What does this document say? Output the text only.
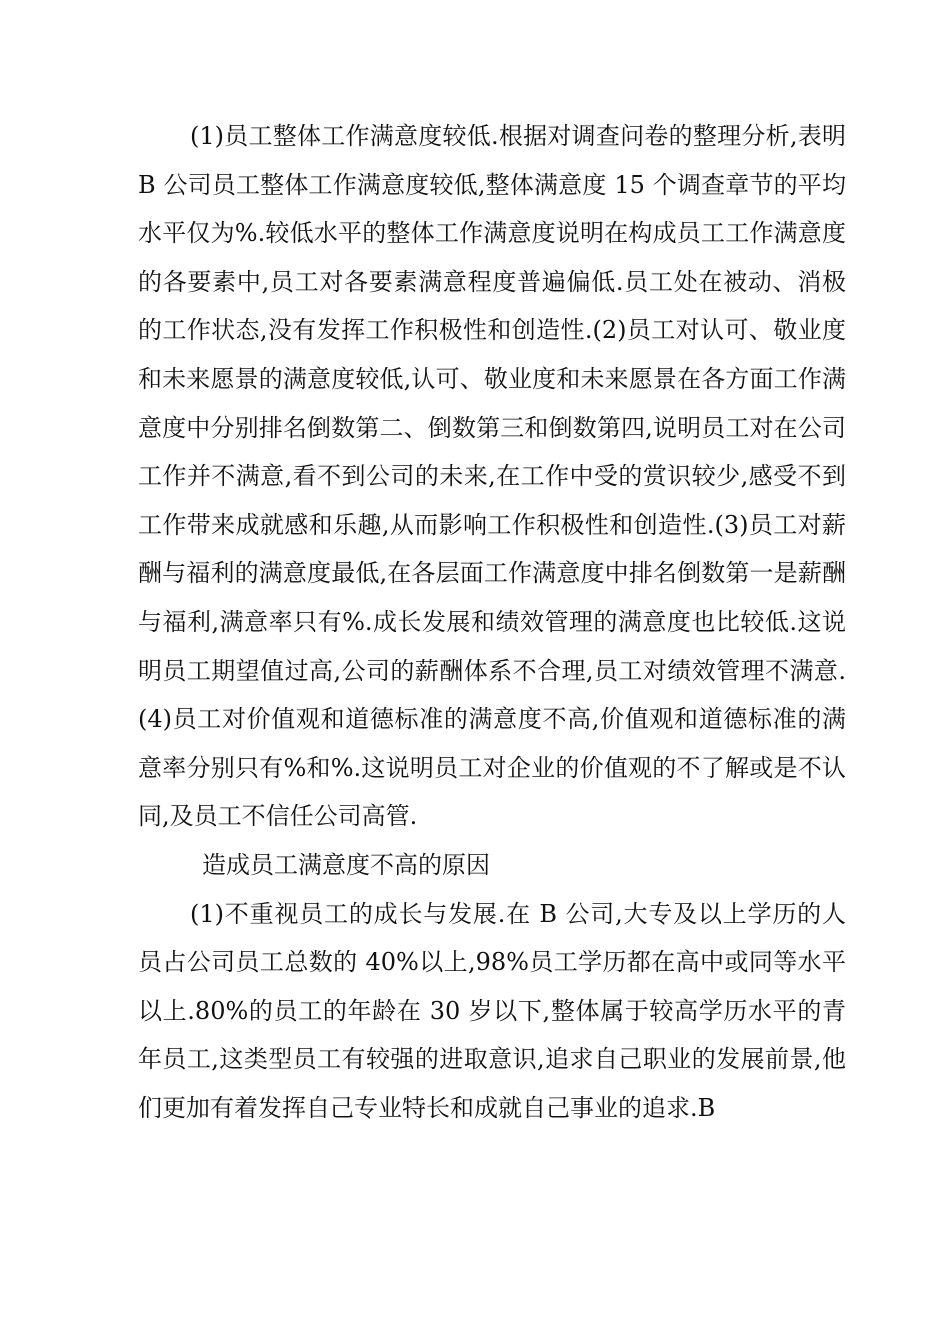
(1)员工整体工作满意度较低.根据对调查问卷的整理分析,表明 B 公司员工整体工作满意度较低,整体满意度 15 个调查章节的平均水平仅为%.较低水平的整体工作满意度说明在构成员工工作满意度的各要素中,员工对各要素满意程度普遍偏低.员工处在被动、消极的工作状态,没有发挥工作积极性和创造性.(2)员工对认可、敬业度和未来愿景的满意度较低,认可、敬业度和未来愿景在各方面工作满意度中分别排名倒数第二、倒数第三和倒数第四,说明员工对在公司工作并不满意,看不到公司的未来,在工作中受的赏识较少,感受不到工作带来成就感和乐趣,从而影响工作积极性和创造性.(3)员工对薪酬与福利的满意度最低,在各层面工作满意度中排名倒数第一是薪酬与福利,满意率只有%.成长发展和绩效管理的满意度也比较低.这说明员工期望值过高,公司的薪酬体系不合理,员工对绩效管理不满意.(4)员工对价值观和道德标准的满意度不高,价值观和道德标准的满意率分别只有%和%.这说明员工对企业的价值观的不了解或是不认同,及员工不信任公司高管.

造成员工满意度不高的原因

(1)不重视员工的成长与发展.在 B 公司,大专及以上学历的人员占公司员工总数的 40%以上,98%员工学历都在高中或同等水平以上.80%的员工的年龄在 30 岁以下,整体属于较高学历水平的青年员工,这类型员工有较强的进取意识,追求自己职业的发展前景,他们更加有着发挥自己专业特长和成就自己事业的追求.B
